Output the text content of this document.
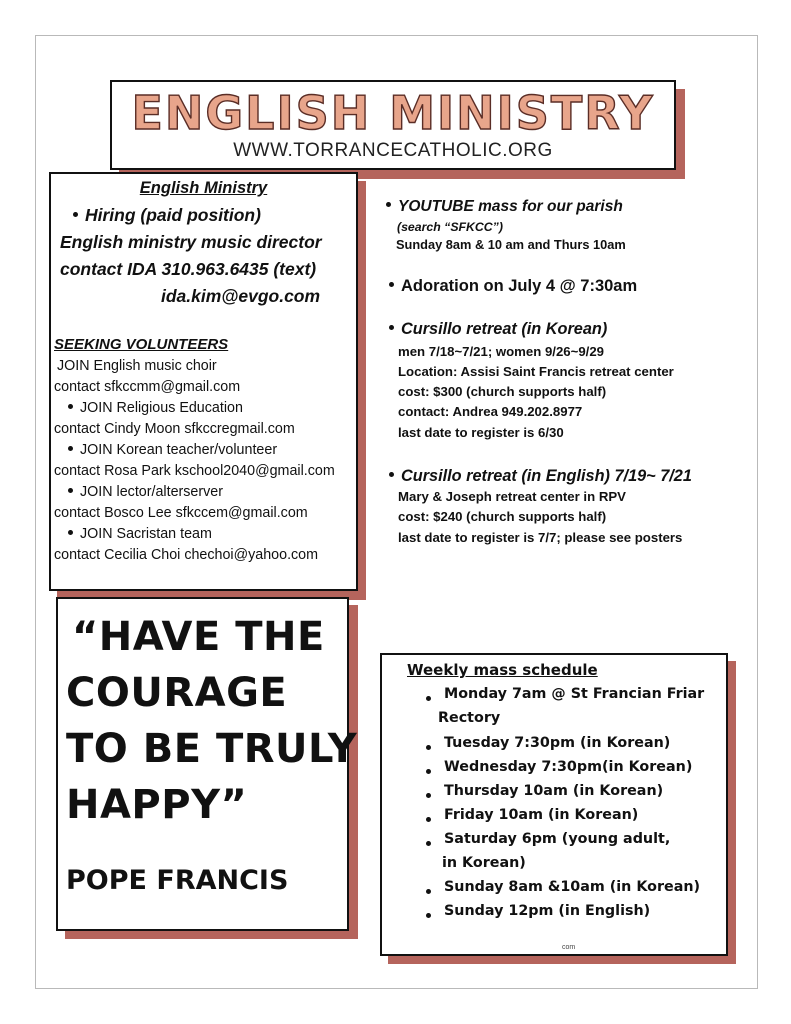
ENGLISH MINISTRY
WWW.TORRANCECATHOLIC.ORG
English Ministry
Hiring (paid position)
English ministry music director
contact IDA 310.963.6435 (text)
ida.kim@evgo.com
SEEKING VOLUNTEERS
JOIN English music choir
contact sfkccmm@gmail.com
JOIN Religious Education
contact Cindy Moon sfkccregmail.com
JOIN Korean teacher/volunteer
contact Rosa Park kschool2040@gmail.com
JOIN lector/alterserver
contact Bosco Lee sfkccem@gmail.com
JOIN Sacristan team
contact Cecilia Choi chechoi@yahoo.com
YOUTUBE mass for our parish
(search “SFKCC”)
Sunday 8am & 10 am and Thurs 10am
Adoration on July 4 @ 7:30am
Cursillo retreat (in Korean)
men 7/18~7/21; women 9/26~9/29
Location: Assisi Saint Francis retreat center
cost: $300 (church supports half)
contact: Andrea 949.202.8977
last date to register is 6/30
Cursillo retreat (in English) 7/19~ 7/21
Mary & Joseph retreat center in RPV
cost: $240 (church supports half)
last date to register is 7/7; please see posters
“HAVE THE
COURAGE
TO BE TRULY
HAPPY”
POPE FRANCIS
Weekly mass schedule
Monday 7am @ St Francian Friar
Rectory
Tuesday 7:30pm (in Korean)
Wednesday 7:30pm(in Korean)
Thursday 10am (in Korean)
Friday 10am (in Korean)
Saturday 6pm (young adult,
in Korean)
Sunday 8am &10am (in Korean)
Sunday 12pm (in English)
com
